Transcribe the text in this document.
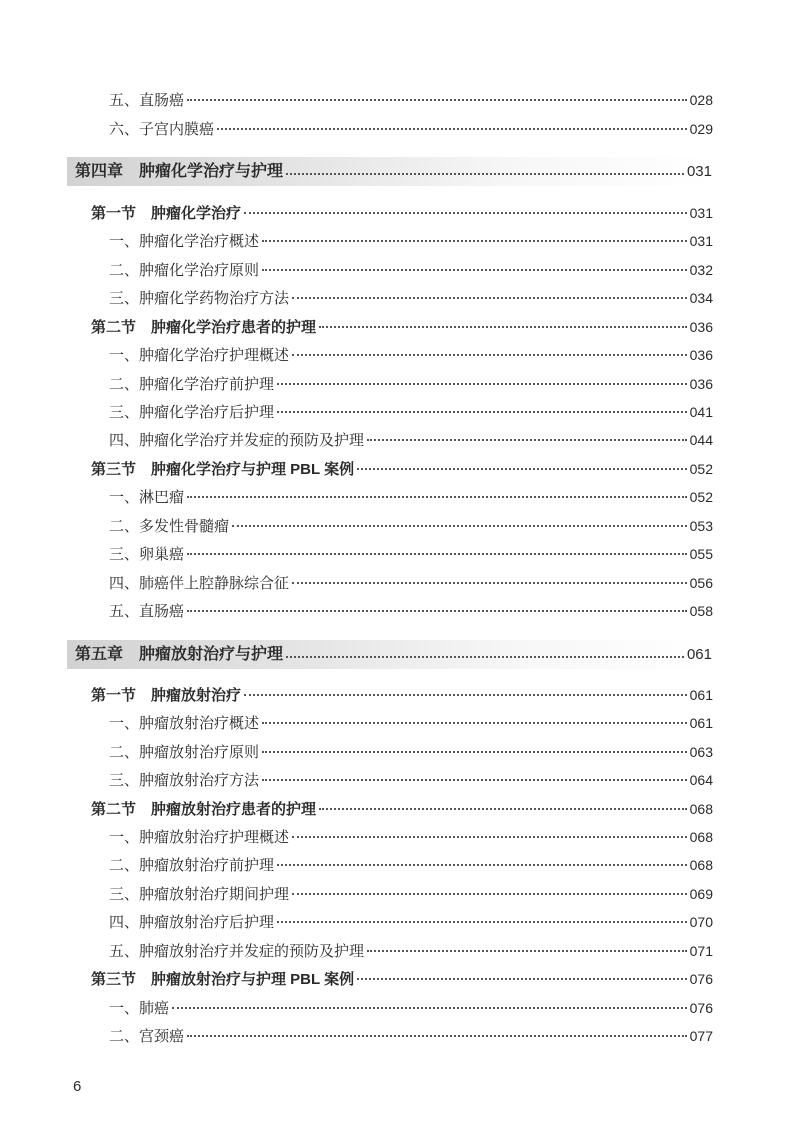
五、直肠癌	028
六、子宫内膜癌	029
第四章　肿瘤化学治疗与护理	031
第一节　肿瘤化学治疗	031
一、肿瘤化学治疗概述	031
二、肿瘤化学治疗原则	032
三、肿瘤化学药物治疗方法	034
第二节　肿瘤化学治疗患者的护理	036
一、肿瘤化学治疗护理概述	036
二、肿瘤化学治疗前护理	036
三、肿瘤化学治疗后护理	041
四、肿瘤化学治疗并发症的预防及护理	044
第三节　肿瘤化学治疗与护理 PBL 案例	052
一、淋巴瘤	052
二、多发性骨髓瘤	053
三、卵巢癌	055
四、肺癌伴上腔静脉综合征	056
五、直肠癌	058
第五章　肿瘤放射治疗与护理	061
第一节　肿瘤放射治疗	061
一、肿瘤放射治疗概述	061
二、肿瘤放射治疗原则	063
三、肿瘤放射治疗方法	064
第二节　肿瘤放射治疗患者的护理	068
一、肿瘤放射治疗护理概述	068
二、肿瘤放射治疗前护理	068
三、肿瘤放射治疗期间护理	069
四、肿瘤放射治疗后护理	070
五、肿瘤放射治疗并发症的预防及护理	071
第三节　肿瘤放射治疗与护理 PBL 案例	076
一、肺癌	076
二、宫颈癌	077
6
